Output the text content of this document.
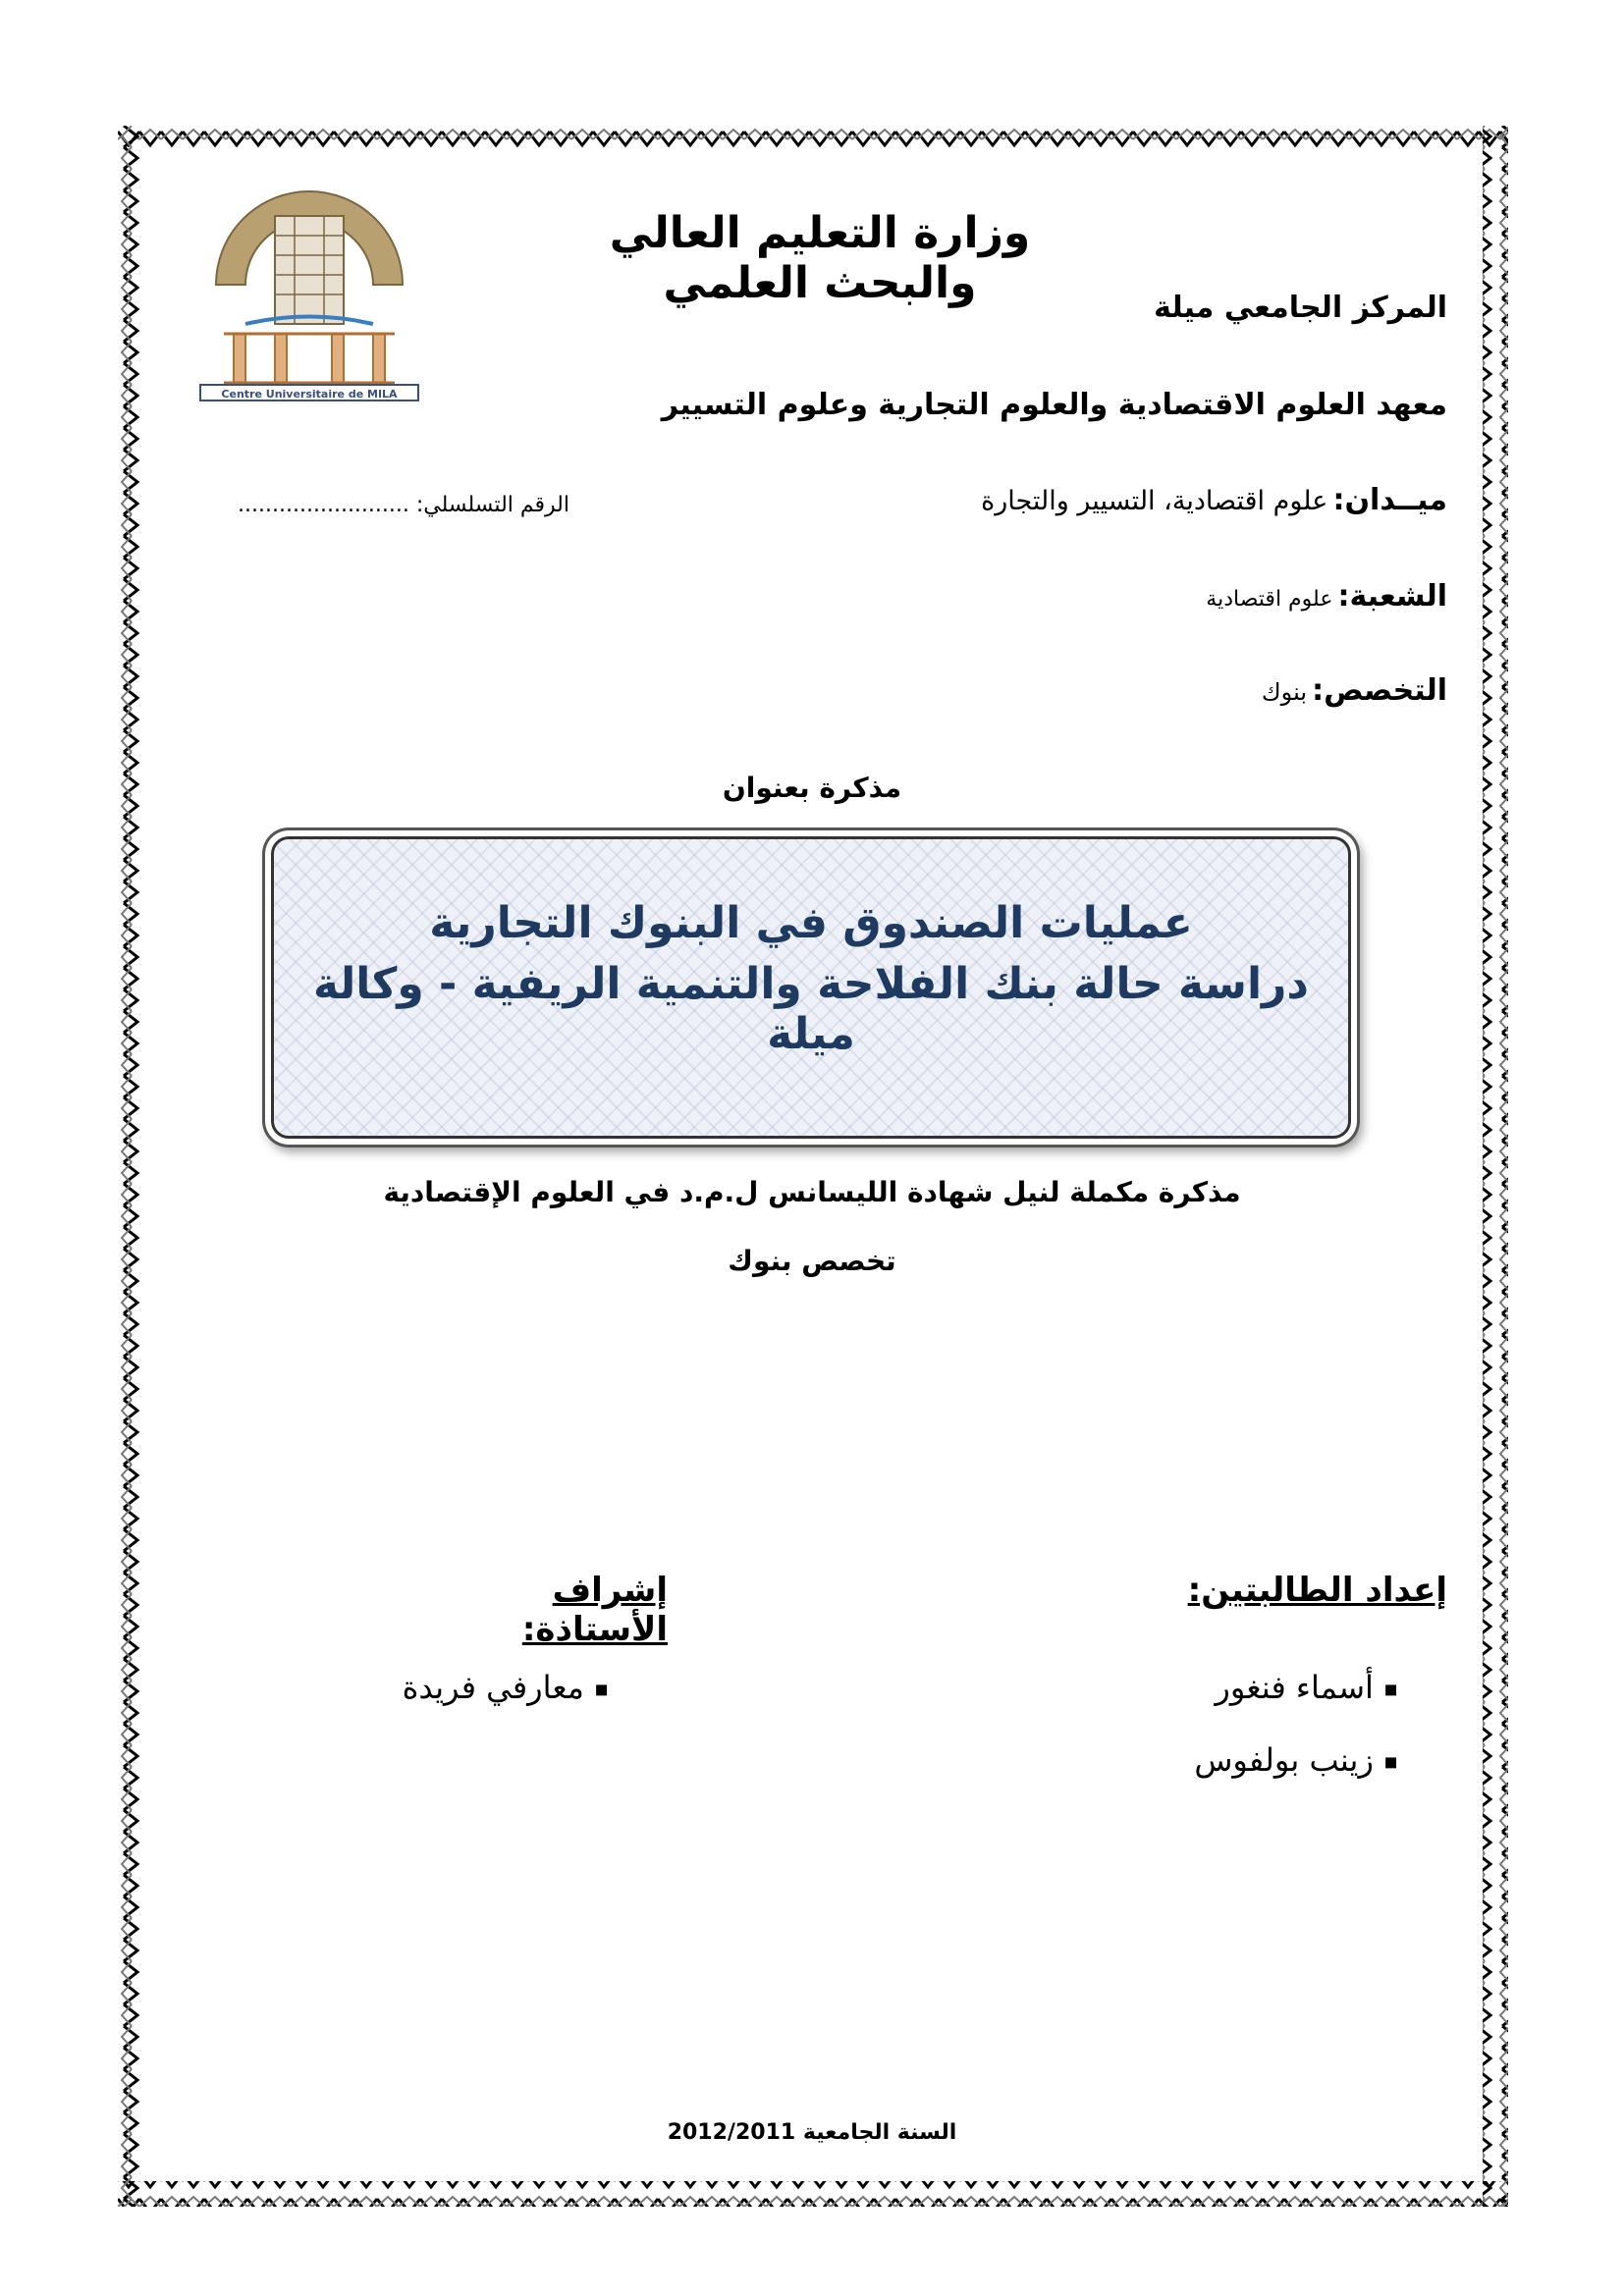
Centre Universitaire de MILA
وزارة التعليم العالي والبحث العلمي	المركز الجامعي ميلة
معهد العلوم الاقتصادية والعلوم التجارية وعلوم التسيير
ميــدان: علوم اقتصادية، التسيير والتجارة
الرقم التسلسلي: .........................
الشعبة: علوم اقتصادية
التخصص: بنوك
مذكرة بعنوان
عمليات الصندوق في البنوك التجارية
دراسة حالة بنك الفلاحة والتنمية الريفية - وكالة ميلة
مذكرة مكملة لنيل شهادة الليسانس ل.م.د في العلوم الإقتصادية
تخصص بنوك
إعداد الطالبتين:
إشراف الأستاذة:
▪ أسماء فنغور
▪ زينب بولفوس
▪ معارفي فريدة
السنة الجامعية 2012/2011
